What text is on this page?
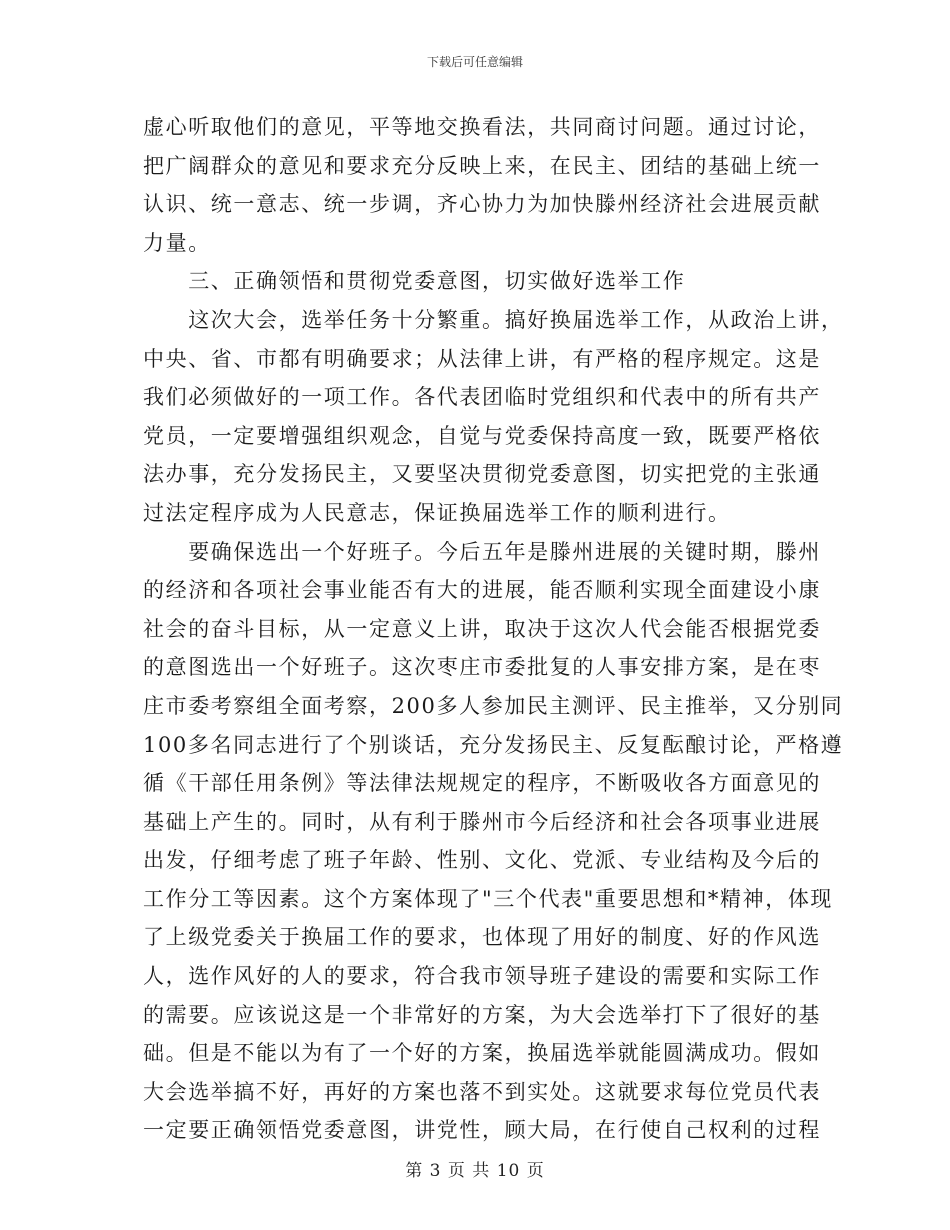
下载后可任意编辑
虚心听取他们的意见，平等地交换看法，共同商讨问题。通过讨论，
把广阔群众的意见和要求充分反映上来，在民主、团结的基础上统一
认识、统一意志、统一步调，齐心协力为加快滕州经济社会进展贡献
力量。
　　三、正确领悟和贯彻党委意图，切实做好选举工作
　　这次大会，选举任务十分繁重。搞好换届选举工作，从政治上讲，
中央、省、市都有明确要求；从法律上讲，有严格的程序规定。这是
我们必须做好的一项工作。各代表团临时党组织和代表中的所有共产
党员，一定要增强组织观念，自觉与党委保持高度一致，既要严格依
法办事，充分发扬民主，又要坚决贯彻党委意图，切实把党的主张通
过法定程序成为人民意志，保证换届选举工作的顺利进行。
　　要确保选出一个好班子。今后五年是滕州进展的关键时期，滕州
的经济和各项社会事业能否有大的进展，能否顺利实现全面建设小康
社会的奋斗目标，从一定意义上讲，取决于这次人代会能否根据党委
的意图选出一个好班子。这次枣庄市委批复的人事安排方案，是在枣
庄市委考察组全面考察，200多人参加民主测评、民主推举，又分别同
100多名同志进行了个别谈话，充分发扬民主、反复酝酿讨论，严格遵
循《干部任用条例》等法律法规规定的程序，不断吸收各方面意见的
基础上产生的。同时，从有利于滕州市今后经济和社会各项事业进展
出发，仔细考虑了班子年龄、性别、文化、党派、专业结构及今后的
工作分工等因素。这个方案体现了"三个代表"重要思想和*精神，体现
了上级党委关于换届工作的要求，也体现了用好的制度、好的作风选
人，选作风好的人的要求，符合我市领导班子建设的需要和实际工作
的需要。应该说这是一个非常好的方案，为大会选举打下了很好的基
础。但是不能以为有了一个好的方案，换届选举就能圆满成功。假如
大会选举搞不好，再好的方案也落不到实处。这就要求每位党员代表
一定要正确领悟党委意图，讲党性，顾大局，在行使自己权利的过程
第 3 页 共 10 页
